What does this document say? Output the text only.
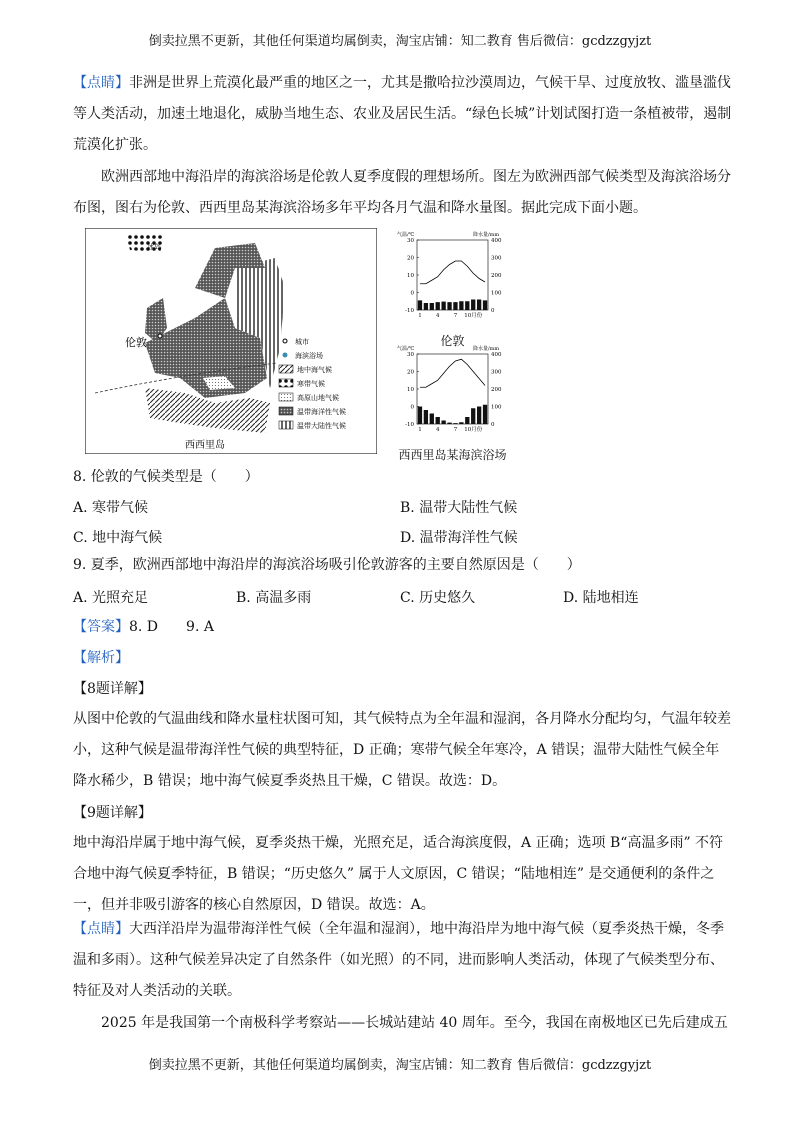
倒卖拉黑不更新，其他任何渠道均属倒卖，淘宝店铺：知二教育 售后微信：gcdzzgyjzt
【点睛】非洲是世界上荒漠化最严重的地区之一，尤其是撒哈拉沙漠周边，气候干旱、过度放牧、滥垦滥伐等人类活动，加速土地退化，威胁当地生态、农业及居民生活。“绿色长城”计划试图打造一条植被带，遏制荒漠化扩张。
欧洲西部地中海沿岸的海滨浴场是伦敦人夏季度假的理想场所。图左为欧洲西部气候类型及海滨浴场分布图，图右为伦敦、西西里岛某海滨浴场多年平均各月气温和降水量图。据此完成下面小题。
冰岛
伦敦
西西里岛
城市
海滨浴场
地中海气候
寒带气候
高原山地气候
温带海洋性气候
温带大陆性气候
气温/℃	降水量/mm
30
20
10
0
-10
400
300
200
100
0
1	4	7 10月份
伦敦
气温/℃	降水量/mm
30
20
10
0
-10
400
300
200
100
0
1	4	7 10月份
西西里岛某海滨浴场
8. 伦敦的气候类型是（　　）
A. 寒带气候	B. 温带大陆性气候
C. 地中海气候	D. 温带海洋性气候
9. 夏季，欧洲西部地中海沿岸的海滨浴场吸引伦敦游客的主要自然原因是（　　）
A. 光照充足	B. 高温多雨	C. 历史悠久	D. 陆地相连
【答案】8. D　　9. A
【解析】
【8题详解】
从图中伦敦的气温曲线和降水量柱状图可知，其气候特点为全年温和湿润，各月降水分配均匀，气温年较差小，这种气候是温带海洋性气候的典型特征，D 正确；寒带气候全年寒冷，A 错误；温带大陆性气候全年降水稀少，B 错误；地中海气候夏季炎热且干燥，C 错误。故选：D。
【9题详解】
地中海沿岸属于地中海气候，夏季炎热干燥，光照充足，适合海滨度假，A 正确；选项 B“高温多雨” 不符合地中海气候夏季特征，B 错误；“历史悠久” 属于人文原因，C 错误；“陆地相连” 是交通便利的条件之一，但并非吸引游客的核心自然原因，D 错误。故选：A。
【点睛】大西洋沿岸为温带海洋性气候（全年温和湿润），地中海沿岸为地中海气候（夏季炎热干燥，冬季温和多雨）。这种气候差异决定了自然条件（如光照）的不同，进而影响人类活动，体现了气候类型分布、特征及对人类活动的关联。
2025 年是我国第一个南极科学考察站——长城站建站 40 周年。至今，我国在南极地区已先后建成五
倒卖拉黑不更新，其他任何渠道均属倒卖，淘宝店铺：知二教育 售后微信：gcdzzgyjzt
